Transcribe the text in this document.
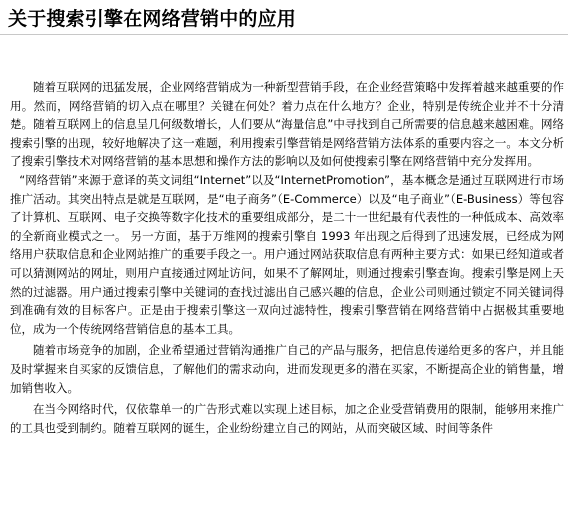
关于搜索引擎在网络营销中的应用

随着互联网的迅猛发展，企业网络营销成为一种新型营销手段，在企业经营策略中发挥着越来越重要的作用。然而，网络营销的切入点在哪里？关键在何处？着力点在什么地方？企业，特别是传统企业并不十分清楚。随着互联网上的信息呈几何级数增长，人们要从“海量信息”中寻找到自己所需要的信息越来越困难。网络搜索引擎的出现，较好地解决了这一难题，利用搜索引擎营销是网络营销方法体系的重要内容之一。本文分析了搜索引擎技术对网络营销的基本思想和操作方法的影响以及如何使搜索引擎在网络营销中充分发挥用。

“网络营销”来源于意译的英文词组“Internet”以及“InternetPromotion”，基本概念是通过互联网进行市场推广活动。其突出特点是就是互联网，是“电子商务”（E-Commerce）以及“电子商业”（E-Business）等包容了计算机、互联网、电子交换等数字化技术的重要组成部分，是二十一世纪最有代表性的一种低成本、高效率的全新商业模式之一。 另一方面，基于万维网的搜索引擎自 1993 年出现之后得到了迅速发展，已经成为网络用户获取信息和企业网站推广的重要手段之一。用户通过网站获取信息有两种主要方式：如果已经知道或者可以猜测网站的网址，则用户直接通过网址访问，如果不了解网址，则通过搜索引擎查询。搜索引擎是网上天然的过滤器。用户通过搜索引擎中关键词的查找过滤出自己感兴趣的信息，企业公司则通过锁定不同关键词得到准确有效的目标客户。正是由于搜索引擎这一双向过滤特性，搜索引擎营销在网络营销中占据极其重要地位，成为一个传统网络营销信息的基本工具。

随着市场竞争的加剧，企业希望通过营销沟通推广自己的产品与服务，把信息传递给更多的客户，并且能及时掌握来自买家的反馈信息，了解他们的需求动向，进而发现更多的潜在买家，不断提高企业的销售量，增加销售收入。

在当今网络时代，仅依靠单一的广告形式难以实现上述目标，加之企业受营销费用的限制，能够用来推广的工具也受到制约。随着互联网的诞生，企业纷纷建立自己的网站，从而突破区域、时间等条件
